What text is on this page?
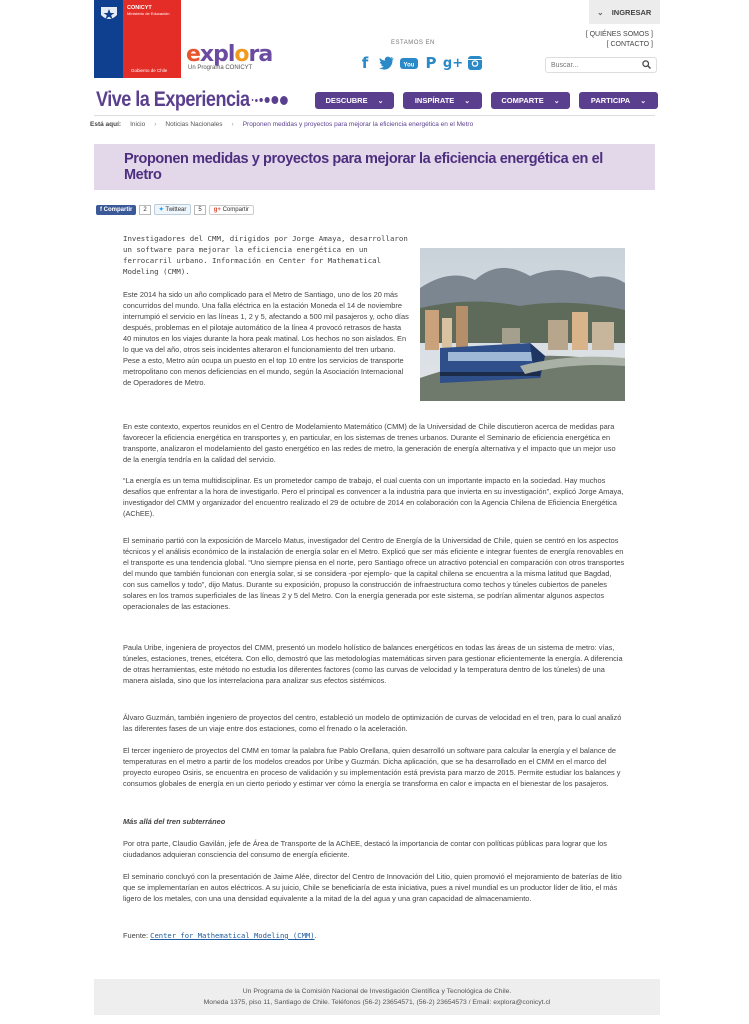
CONICYT
Ministerio de Educación
Gobierno de Chile
explora
Un Programa CONICYT
ESTAMOS EN
f	You P g+
⌄ INGRESAR
[ QUIÉNES SOMOS ]
[ CONTACTO ]
Buscar...
Vive la Experiencia	DESCUBRE ⌄	INSPÍRATE ⌄	COMPARTE ⌄	PARTICIPA ⌄
Está aquí: Inicio › Noticias Nacionales › Proponen medidas y proyectos para mejorar la eficiencia energética en el Metro
Proponen medidas y proyectos para mejorar la eficiencia energética en el Metro
f Compartir	2	✦ Twittear	5	g+ Compartir

Investigadores del CMM, dirigidos por Jorge Amaya, desarrollaron un software para mejorar la eficiencia energética en un ferrocarril urbano. Información en Center for Mathematical Modeling (CMM).

Este 2014 ha sido un año complicado para el Metro de Santiago, uno de los 20 más concurridos del mundo. Una falla eléctrica en la estación Moneda el 14 de noviembre interrumpió el servicio en las líneas 1, 2 y 5, afectando a 500 mil pasajeros y, ocho días después, problemas en el pilotaje automático de la línea 4 provocó retrasos de hasta 40 minutos en los viajes durante la hora peak matinal. Los hechos no son aislados. En lo que va del año, otros seis incidentes alteraron el funcionamiento del tren urbano. Pese a esto, Metro aún ocupa un puesto en el top 10 entre los servicios de transporte metropolitano con menos deficiencias en el mundo, según la Asociación Internacional de Operadores de Metro.

En este contexto, expertos reunidos en el Centro de Modelamiento Matemático (CMM) de la Universidad de Chile discutieron acerca de medidas para favorecer la eficiencia energética en transportes y, en particular, en los sistemas de trenes urbanos. Durante el Seminario de eficiencia energética en transporte, analizaron el modelamiento del gasto energético en las redes de metro, la generación de energía alternativa y el impacto que un mejor uso de la energía tendría en la calidad del servicio.

“La energía es un tema multidisciplinar. Es un prometedor campo de trabajo, el cual cuenta con un importante impacto en la sociedad. Hay muchos desafíos que enfrentar a la hora de investigarlo. Pero el principal es convencer a la industria para que invierta en su investigación”, explicó Jorge Amaya, investigador del CMM y organizador del encuentro realizado el 29 de octubre de 2014 en colaboración con la Agencia Chilena de Eficiencia Energética (AChEE).

El seminario partió con la exposición de Marcelo Matus, investigador del Centro de Energía de la Universidad de Chile, quien se centró en los aspectos técnicos y el análisis económico de la instalación de energía solar en el Metro. Explicó que ser más eficiente e integrar fuentes de energía renovables en el transporte es una tendencia global. “Uno siempre piensa en el norte, pero Santiago ofrece un atractivo potencial en comparación con otros transportes del mundo que también funcionan con energía solar, si se considera -por ejemplo- que la capital chilena se encuentra a la misma latitud que Bagdad, con sus camellos y todo”, dijo Matus. Durante su exposición, propuso la construcción de infraestructura como techos y túneles cubiertos de paneles solares en los tramos superficiales de las líneas 2 y 5 del Metro. Con la energía generada por este sistema, se podrían alimentar algunos aspectos operacionales de las estaciones.

Paula Uribe, ingeniera de proyectos del CMM, presentó un modelo holístico de balances energéticos en todas las áreas de un sistema de metro: vías, túneles, estaciones, trenes, etcétera. Con ello, demostró que las metodologías matemáticas sirven para gestionar eficientemente la energía. A diferencia de otras herramientas, este método no estudia los diferentes factores (como las curvas de velocidad y la temperatura dentro de los túneles) de una manera aislada, sino que los interrelaciona para analizar sus efectos sistémicos.

Álvaro Guzmán, también ingeniero de proyectos del centro, estableció un modelo de optimización de curvas de velocidad en el tren, para lo cual analizó las diferentes fases de un viaje entre dos estaciones, como el frenado o la aceleración.

El tercer ingeniero de proyectos del CMM en tomar la palabra fue Pablo Orellana, quien desarrolló un software para calcular la energía y el balance de temperaturas en el metro a partir de los modelos creados por Uribe y Guzmán. Dicha aplicación, que se ha desarrollado en el CMM en el marco del proyecto europeo Osiris, se encuentra en proceso de validación y su implementación está prevista para marzo de 2015. Permite estudiar los balances y consumos globales de energía en un cierto periodo y estimar ver cómo la energía se transforma en calor e impacta en el bienestar de los pasajeros.

Más allá del tren subterráneo

Por otra parte, Claudio Gavilán, jefe de Área de Transporte de la AChEE, destacó la importancia de contar con políticas públicas para lograr que los ciudadanos adquieran consciencia del consumo de energía eficiente.

El seminario concluyó con la presentación de Jaime Alée, director del Centro de Innovación del Litio, quien promovió el mejoramiento de baterías de litio que se implementarían en autos eléctricos. A su juicio, Chile se beneficiaría de esta iniciativa, pues a nivel mundial es un productor líder de litio, el más ligero de los metales, con una una densidad equivalente a la mitad de la del agua y una gran capacidad de almacenamiento.

Fuente: Center for Mathematical Modeling (CMM).

Un Programa de la Comisión Nacional de Investigación Científica y Tecnológica de Chile.
Moneda 1375, piso 11, Santiago de Chile. Teléfonos (56-2) 23654571, (56-2) 23654573 / Email: explora@conicyt.cl
